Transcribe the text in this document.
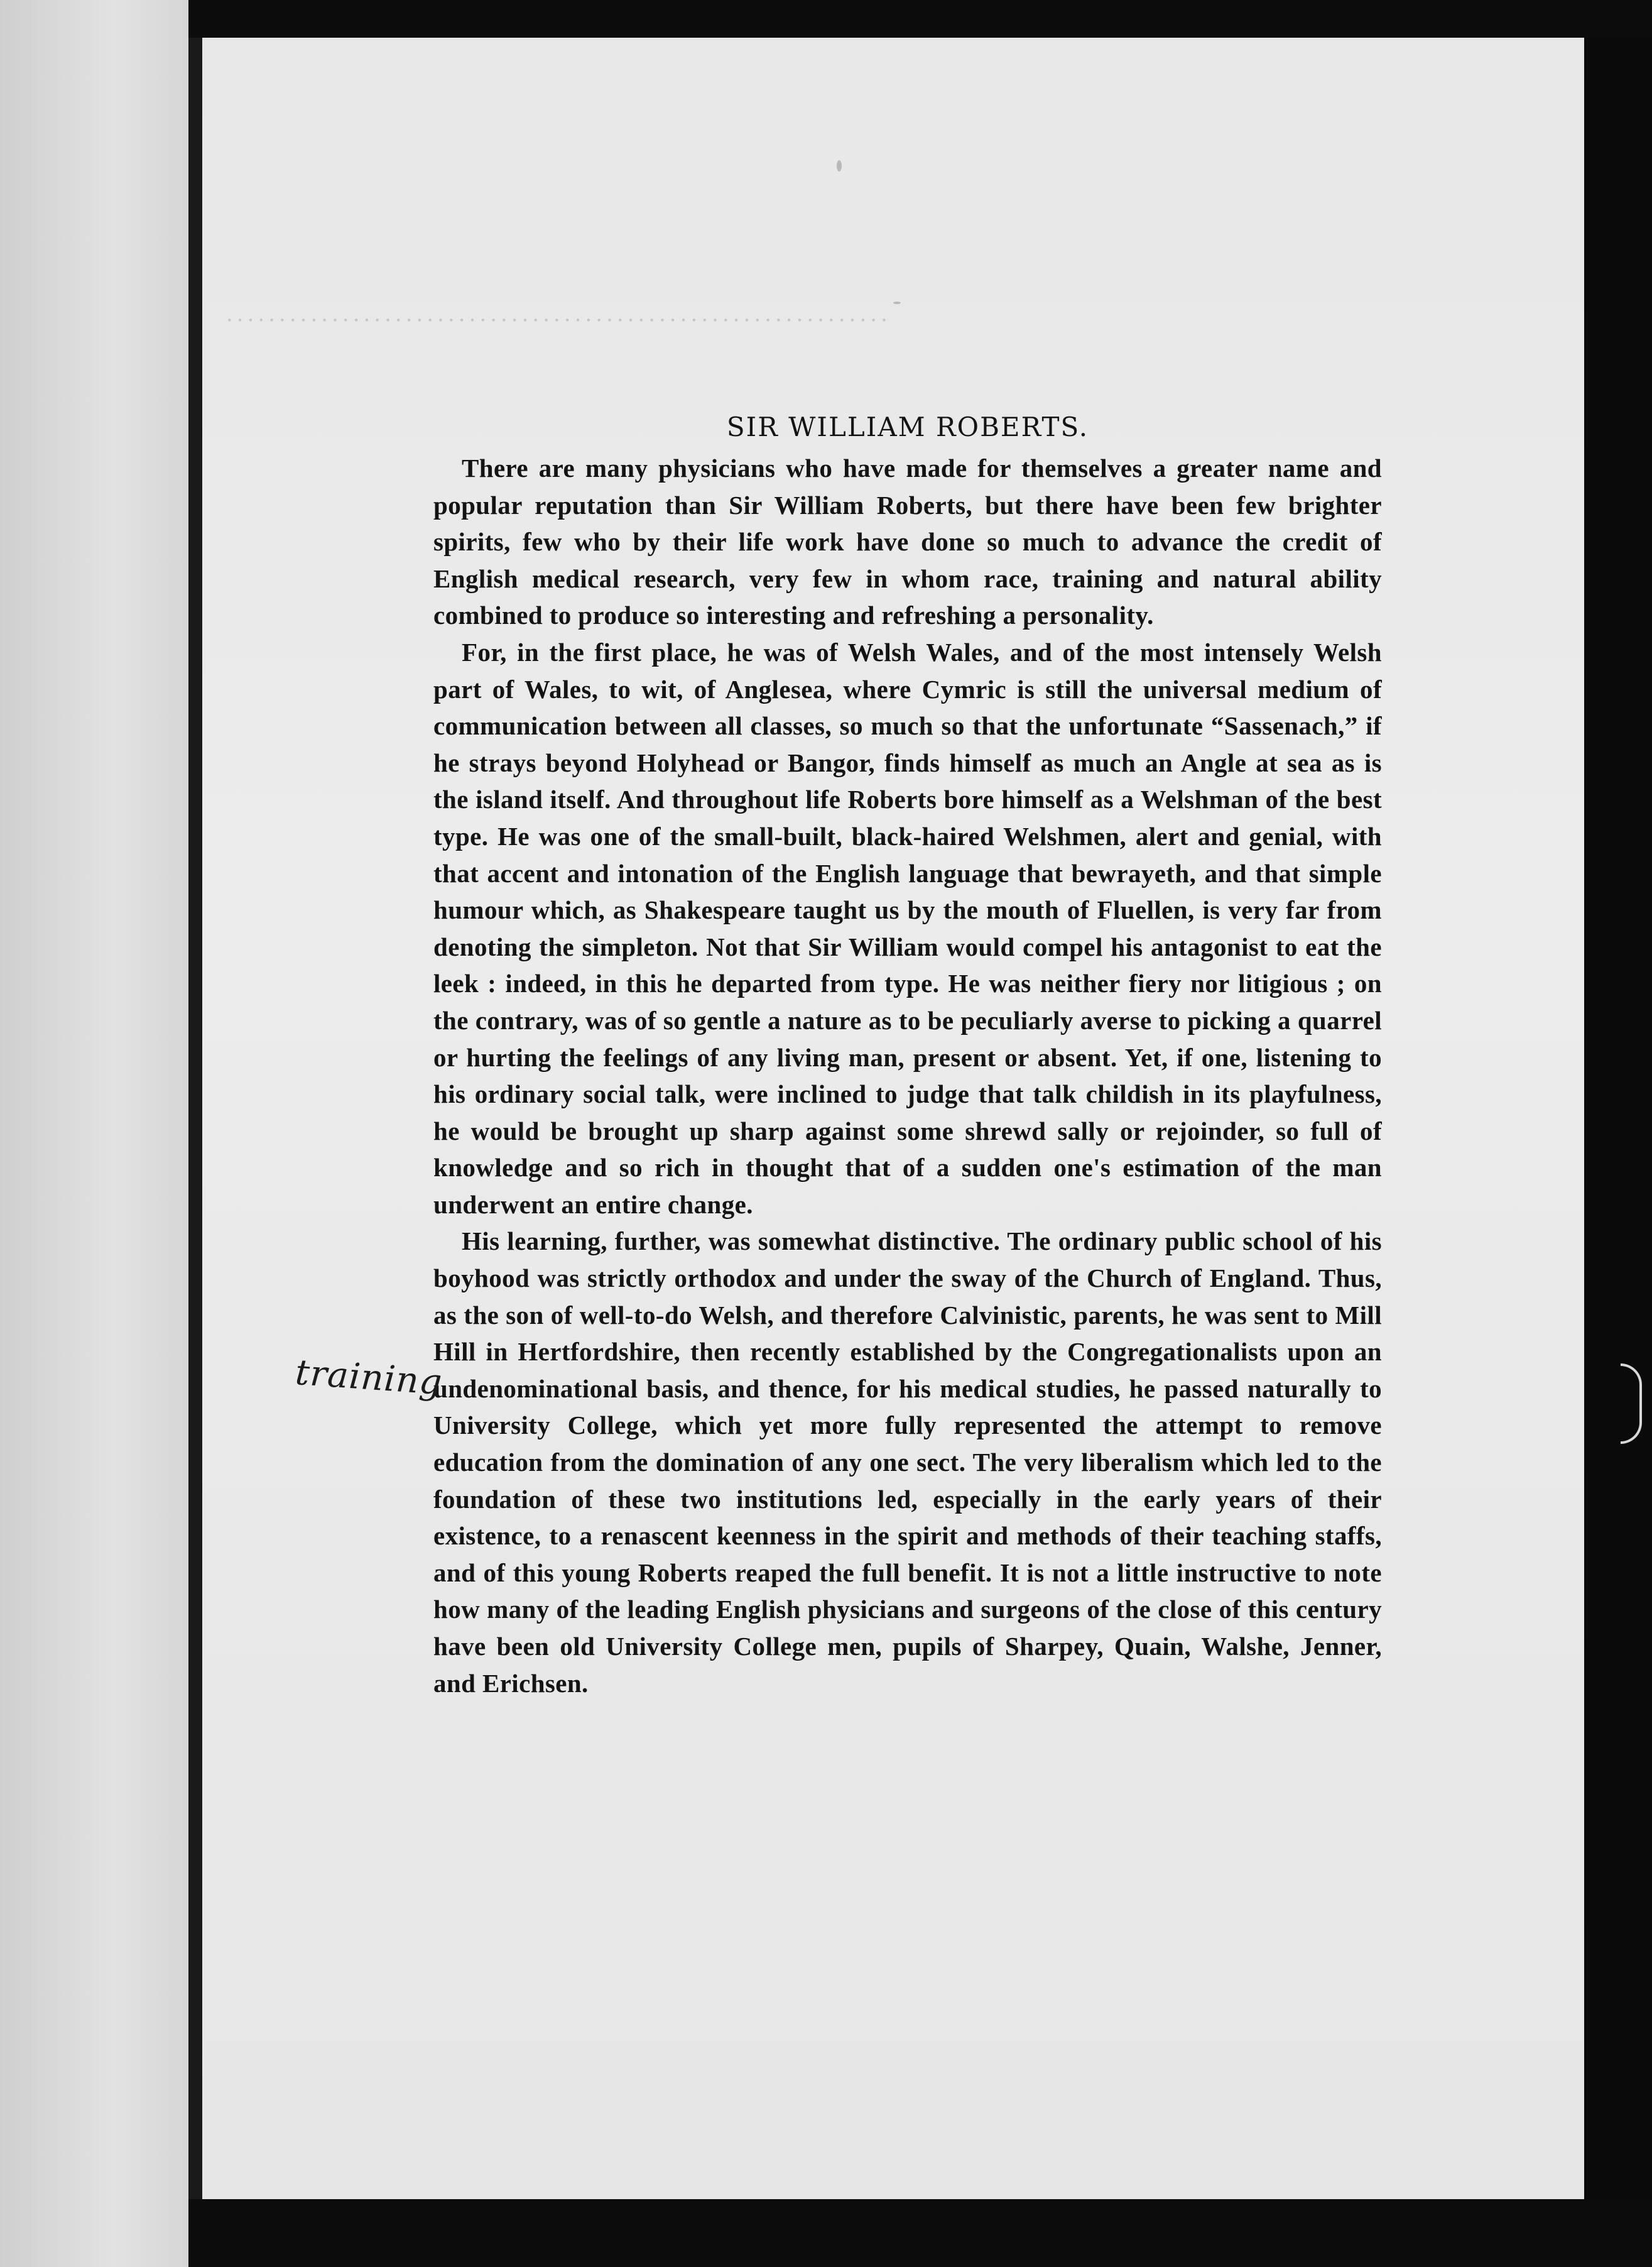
·······························································
SIR WILLIAM ROBERTS.

There are many physicians who have made for themselves a greater name and popular reputation than Sir William Roberts, but there have been few brighter spirits, few who by their life work have done so much to advance the credit of English medical research, very few in whom race, training and natural ability combined to produce so interesting and refreshing a personality.

For, in the first place, he was of Welsh Wales, and of the most intensely Welsh part of Wales, to wit, of Anglesea, where Cymric is still the universal medium of communication between all classes, so much so that the unfortunate “Sassenach,” if he strays beyond Holyhead or Bangor, finds himself as much an Angle at sea as is the island itself. And throughout life Roberts bore himself as a Welshman of the best type. He was one of the small-built, black-haired Welshmen, alert and genial, with that accent and intonation of the English language that bewrayeth, and that simple humour which, as Shakespeare taught us by the mouth of Fluellen, is very far from denoting the simpleton. Not that Sir William would compel his antagonist to eat the leek : indeed, in this he departed from type. He was neither fiery nor litigious ; on the contrary, was of so gentle a nature as to be peculiarly averse to picking a quarrel or hurting the feelings of any living man, present or absent. Yet, if one, listening to his ordinary social talk, were inclined to judge that talk childish in its playfulness, he would be brought up sharp against some shrewd sally or rejoinder, so full of knowledge and so rich in thought that of a sudden one's estimation of the man underwent an entire change.

His learning, further, was somewhat distinctive. The ordinary public school of his boyhood was strictly orthodox and under the sway of the Church of England. Thus, as the son of well-to-do Welsh, and therefore Calvinistic, parents, he was sent to Mill Hill in Hertfordshire, then recently established by the Congregationalists upon an undenominational basis, and thence, for his medical studies, he passed naturally to University College, which yet more fully represented the attempt to remove education from the domination of any one sect. The very liberalism which led to the foundation of these two institutions led, especially in the early years of their existence, to a renascent keenness in the spirit and methods of their teaching staffs, and of this young Roberts reaped the full benefit. It is not a little instructive to note how many of the leading English physicians and surgeons of the close of this century have been old University College men, pupils of Sharpey, Quain, Walshe, Jenner, and Erichsen.

training
